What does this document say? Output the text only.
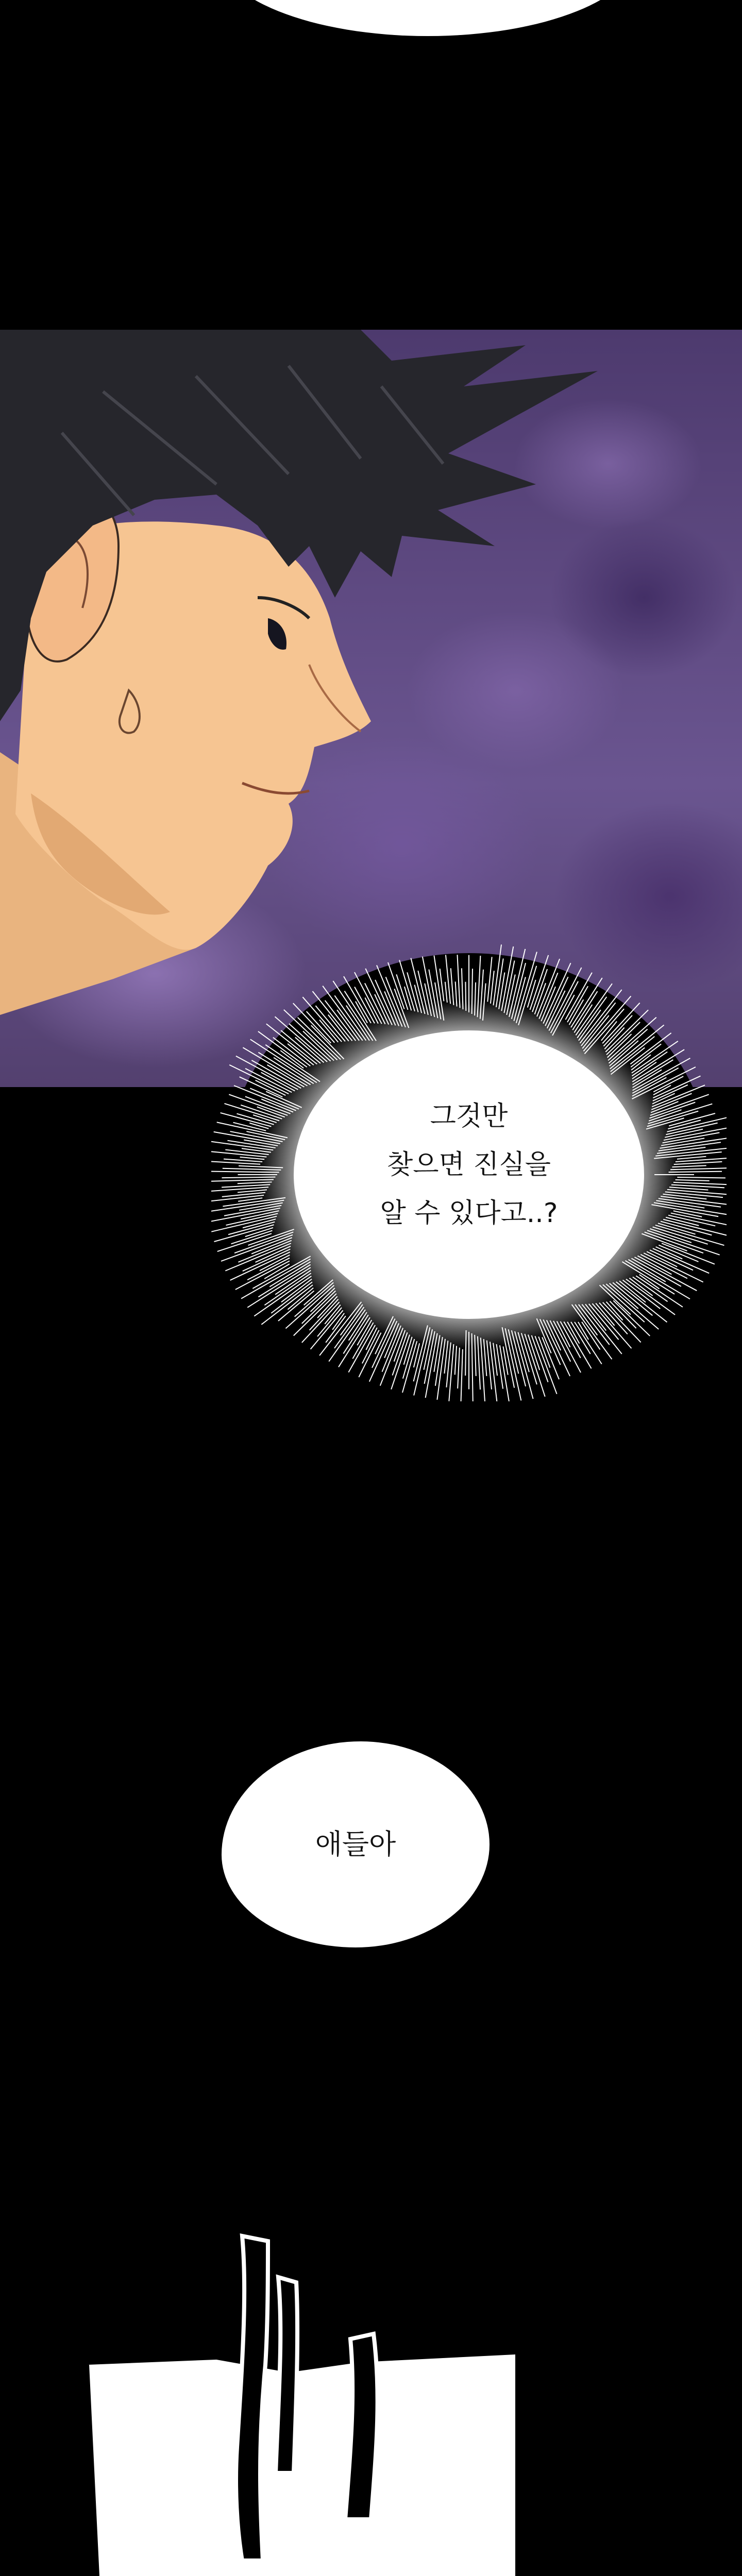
그것만
찾으면 진실을
알 수 있다고..?
애들아
